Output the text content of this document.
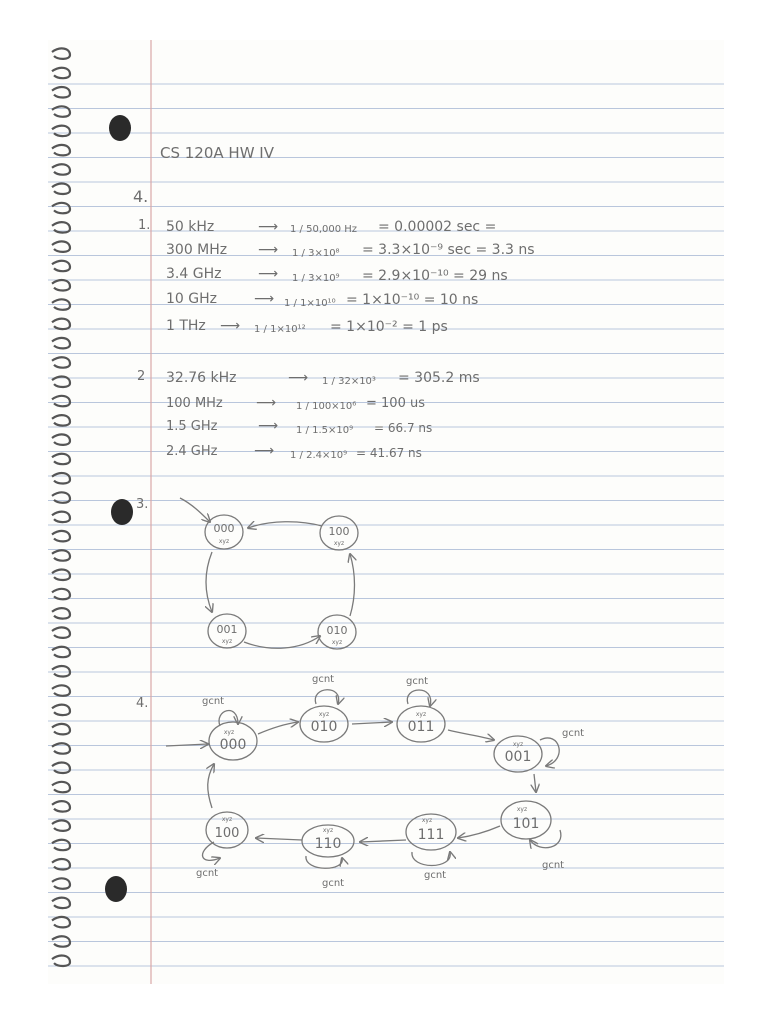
CS 120A HW IV
4.
1. 50 kHz	⟶ 1 / 50,000 Hz = 0.00002 sec =
300 MHz ⟶ 1 / 3×10⁸ = 3.3×10⁻⁹ sec = 3.3 ns
3.4 GHz	⟶ 1 / 3×10⁹ = 2.9×10⁻¹⁰ = 29 ns
10 GHz	⟶ 1 / 1×10¹⁰ = 1×10⁻¹⁰ = 10 ns
1 THz ⟶ 1 / 1×10¹² = 1×10⁻² = 1 ps
2 32.76 kHz	⟶ 1 / 32×10³ = 305.2 ms
100 MHz ⟶ 1 / 100×10⁶ = 100 us
1.5 GHz	⟶ 1 / 1.5×10⁹ = 66.7 ns
2.4 GHz	⟶ 1 / 2.4×10⁹ = 41.67 ns
3.
000
xyz
100
xyz
001
xyz
010
xyz
4.	gcnt
gcnt	gcnt
gcnt
gcnt
gcnt
gcnt
gcnt
000
xyz	010
xyz
011
xyz
001
xyz
101
xyz
111
xyz
110
xyz
100
xyz
